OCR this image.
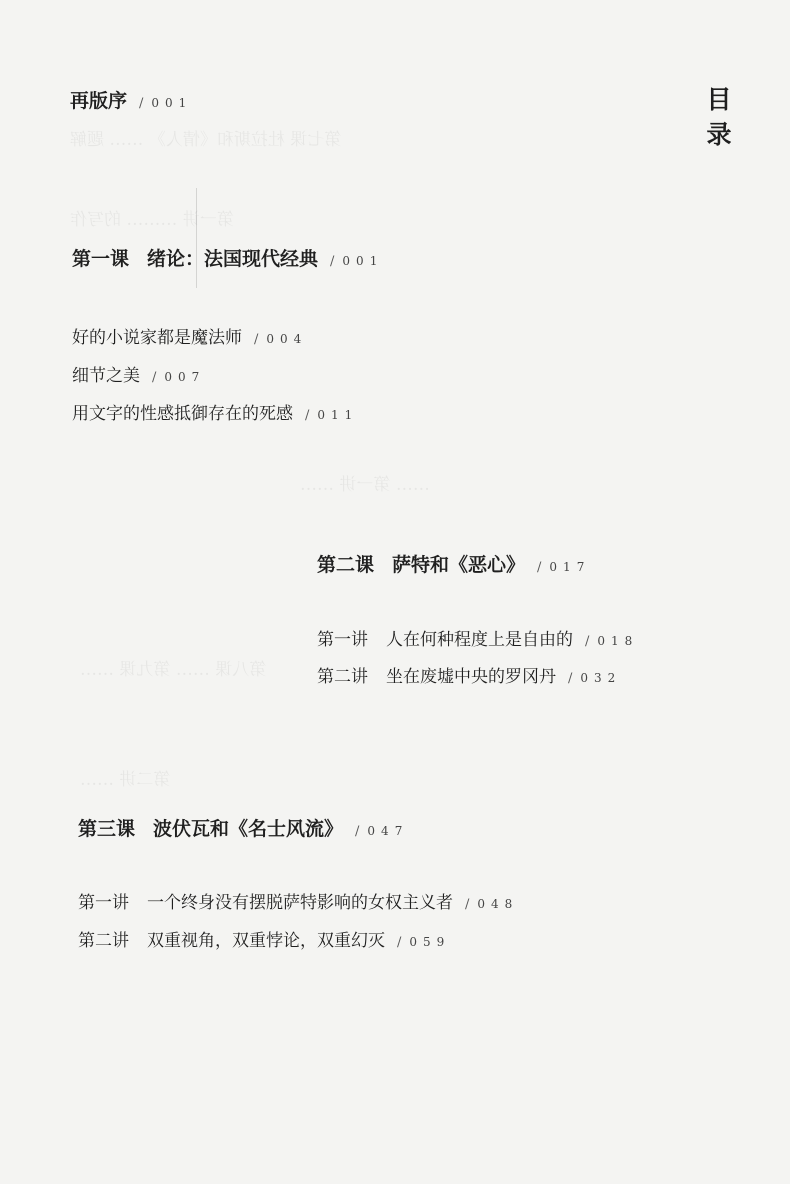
第七课 杜拉斯和《情人》 …… 题解
第一讲 ……… 的写作
…… 第一讲 ……
第八课 …… 第九课 ……
第二讲 ……
目录
再版序 / 001
第一课 绪论：法国现代经典 / 001
好的小说家都是魔法师 / 004
细节之美 / 007
用文字的性感抵御存在的死感 / 011
第二课 萨特和《恶心》 / 017
第一讲 人在何种程度上是自由的 / 018
第二讲 坐在废墟中央的罗冈丹 / 032
第三课 波伏瓦和《名士风流》 / 047
第一讲 一个终身没有摆脱萨特影响的女权主义者 / 048
第二讲 双重视角，双重悖论，双重幻灭 / 059
